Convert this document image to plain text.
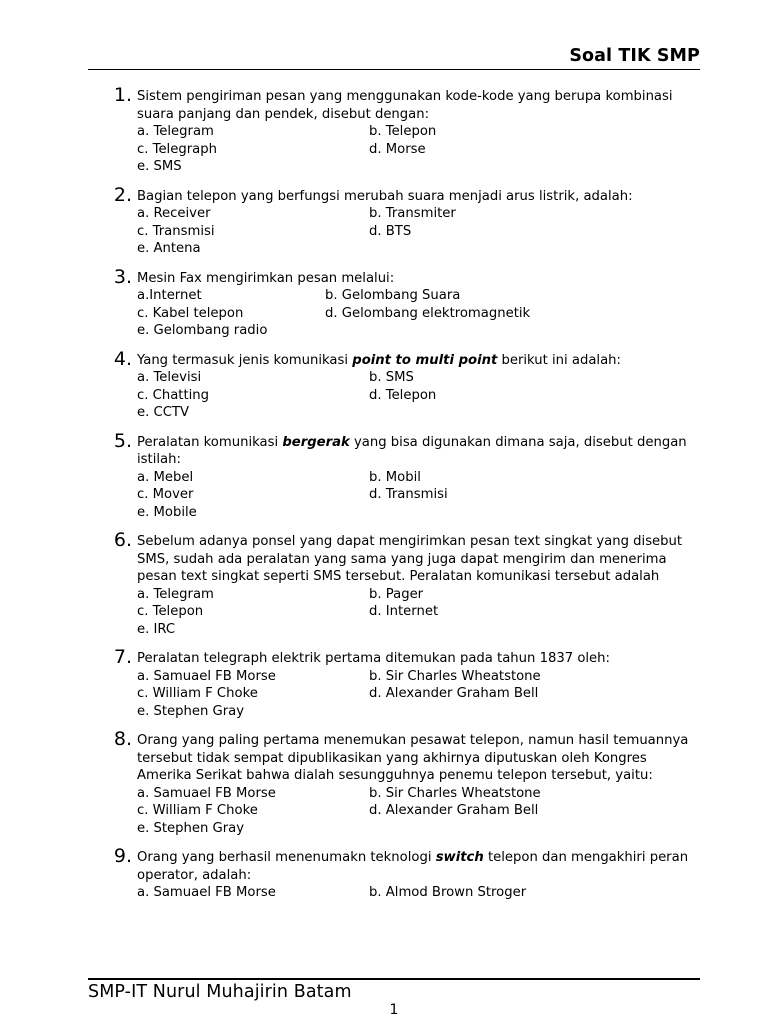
Soal TIK SMP
1. Sistem pengiriman pesan yang menggunakan kode-kode yang berupa kombinasi suara panjang dan pendek, disebut dengan:
a. Telegram	b. Telepon
c. Telegraph	d. Morse
e. SMS
2. Bagian telepon yang berfungsi merubah suara menjadi arus listrik, adalah:
a. Receiver	b. Transmiter
c. Transmisi	d. BTS
e. Antena
3. Mesin Fax mengirimkan pesan melalui:
a.Internet	b. Gelombang Suara
c. Kabel telepon	d. Gelombang elektromagnetik
e. Gelombang radio
4. Yang termasuk jenis komunikasi point to multi point berikut ini adalah:
a. Televisi	b. SMS
c. Chatting	d. Telepon
e. CCTV
5. Peralatan komunikasi bergerak yang bisa digunakan dimana saja, disebut dengan istilah:
a. Mebel	b. Mobil
c. Mover	d. Transmisi
e. Mobile
6. Sebelum adanya ponsel yang dapat mengirimkan pesan text singkat yang disebut SMS, sudah ada peralatan yang sama yang juga dapat mengirim dan menerima pesan text singkat seperti SMS tersebut. Peralatan komunikasi tersebut adalah
a. Telegram	b. Pager
c. Telepon	d. Internet
e. IRC
7. Peralatan telegraph elektrik pertama ditemukan pada tahun 1837 oleh:
a. Samuael FB Morse	b. Sir Charles Wheatstone
c. William F Choke	d. Alexander Graham Bell
e. Stephen Gray
8. Orang yang paling pertama menemukan pesawat telepon, namun hasil temuannya tersebut tidak sempat dipublikasikan yang akhirnya diputuskan oleh Kongres Amerika Serikat bahwa dialah sesungguhnya penemu telepon tersebut, yaitu:
a. Samuael FB Morse	b. Sir Charles Wheatstone
c. William F Choke	d. Alexander Graham Bell
e. Stephen Gray
9. Orang yang berhasil menenumakn teknologi switch telepon dan mengakhiri peran operator, adalah:
a. Samuael FB Morse	b. Almod Brown Stroger
SMP-IT Nurul Muhajirin Batam
1
